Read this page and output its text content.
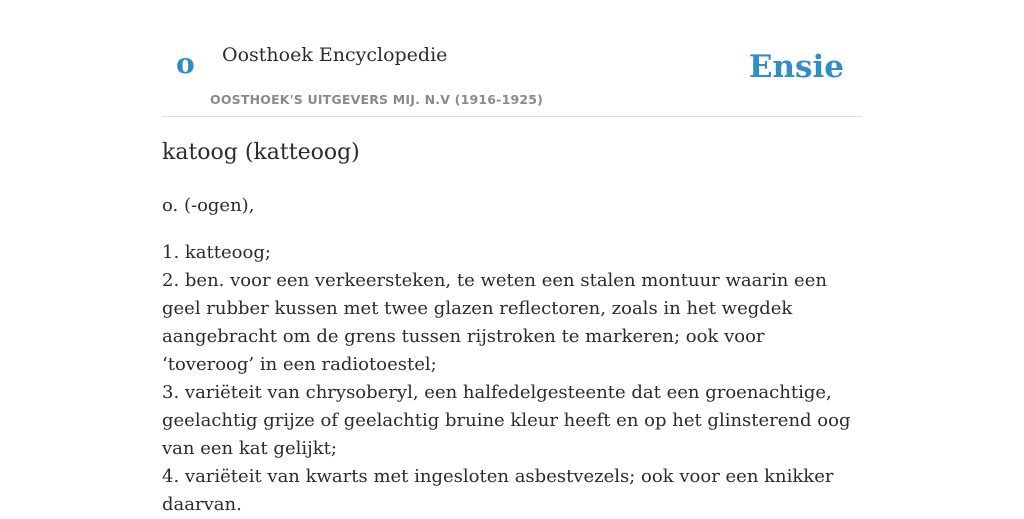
o Oosthoek Encyclopedie
OOSTHOEK'S UITGEVERS MIJ. N.V (1916-1925)
Ensie
katoog (katteoog)
o. (-ogen),
1. katteoog;
2. ben. voor een verkeersteken, te weten een stalen montuur waarin een geel rubber kussen met twee glazen reflectoren, zoals in het wegdek aangebracht om de grens tussen rijstroken te markeren; ook voor ‘toveroog’ in een radiotoestel;
3. variëteit van chrysoberyl, een halfedelgesteente dat een groenachtige, geelachtig grijze of geelachtig bruine kleur heeft en op het glinsterend oog van een kat gelijkt;
4. variëteit van kwarts met ingesloten asbestvezels; ook voor een knikker daarvan.
